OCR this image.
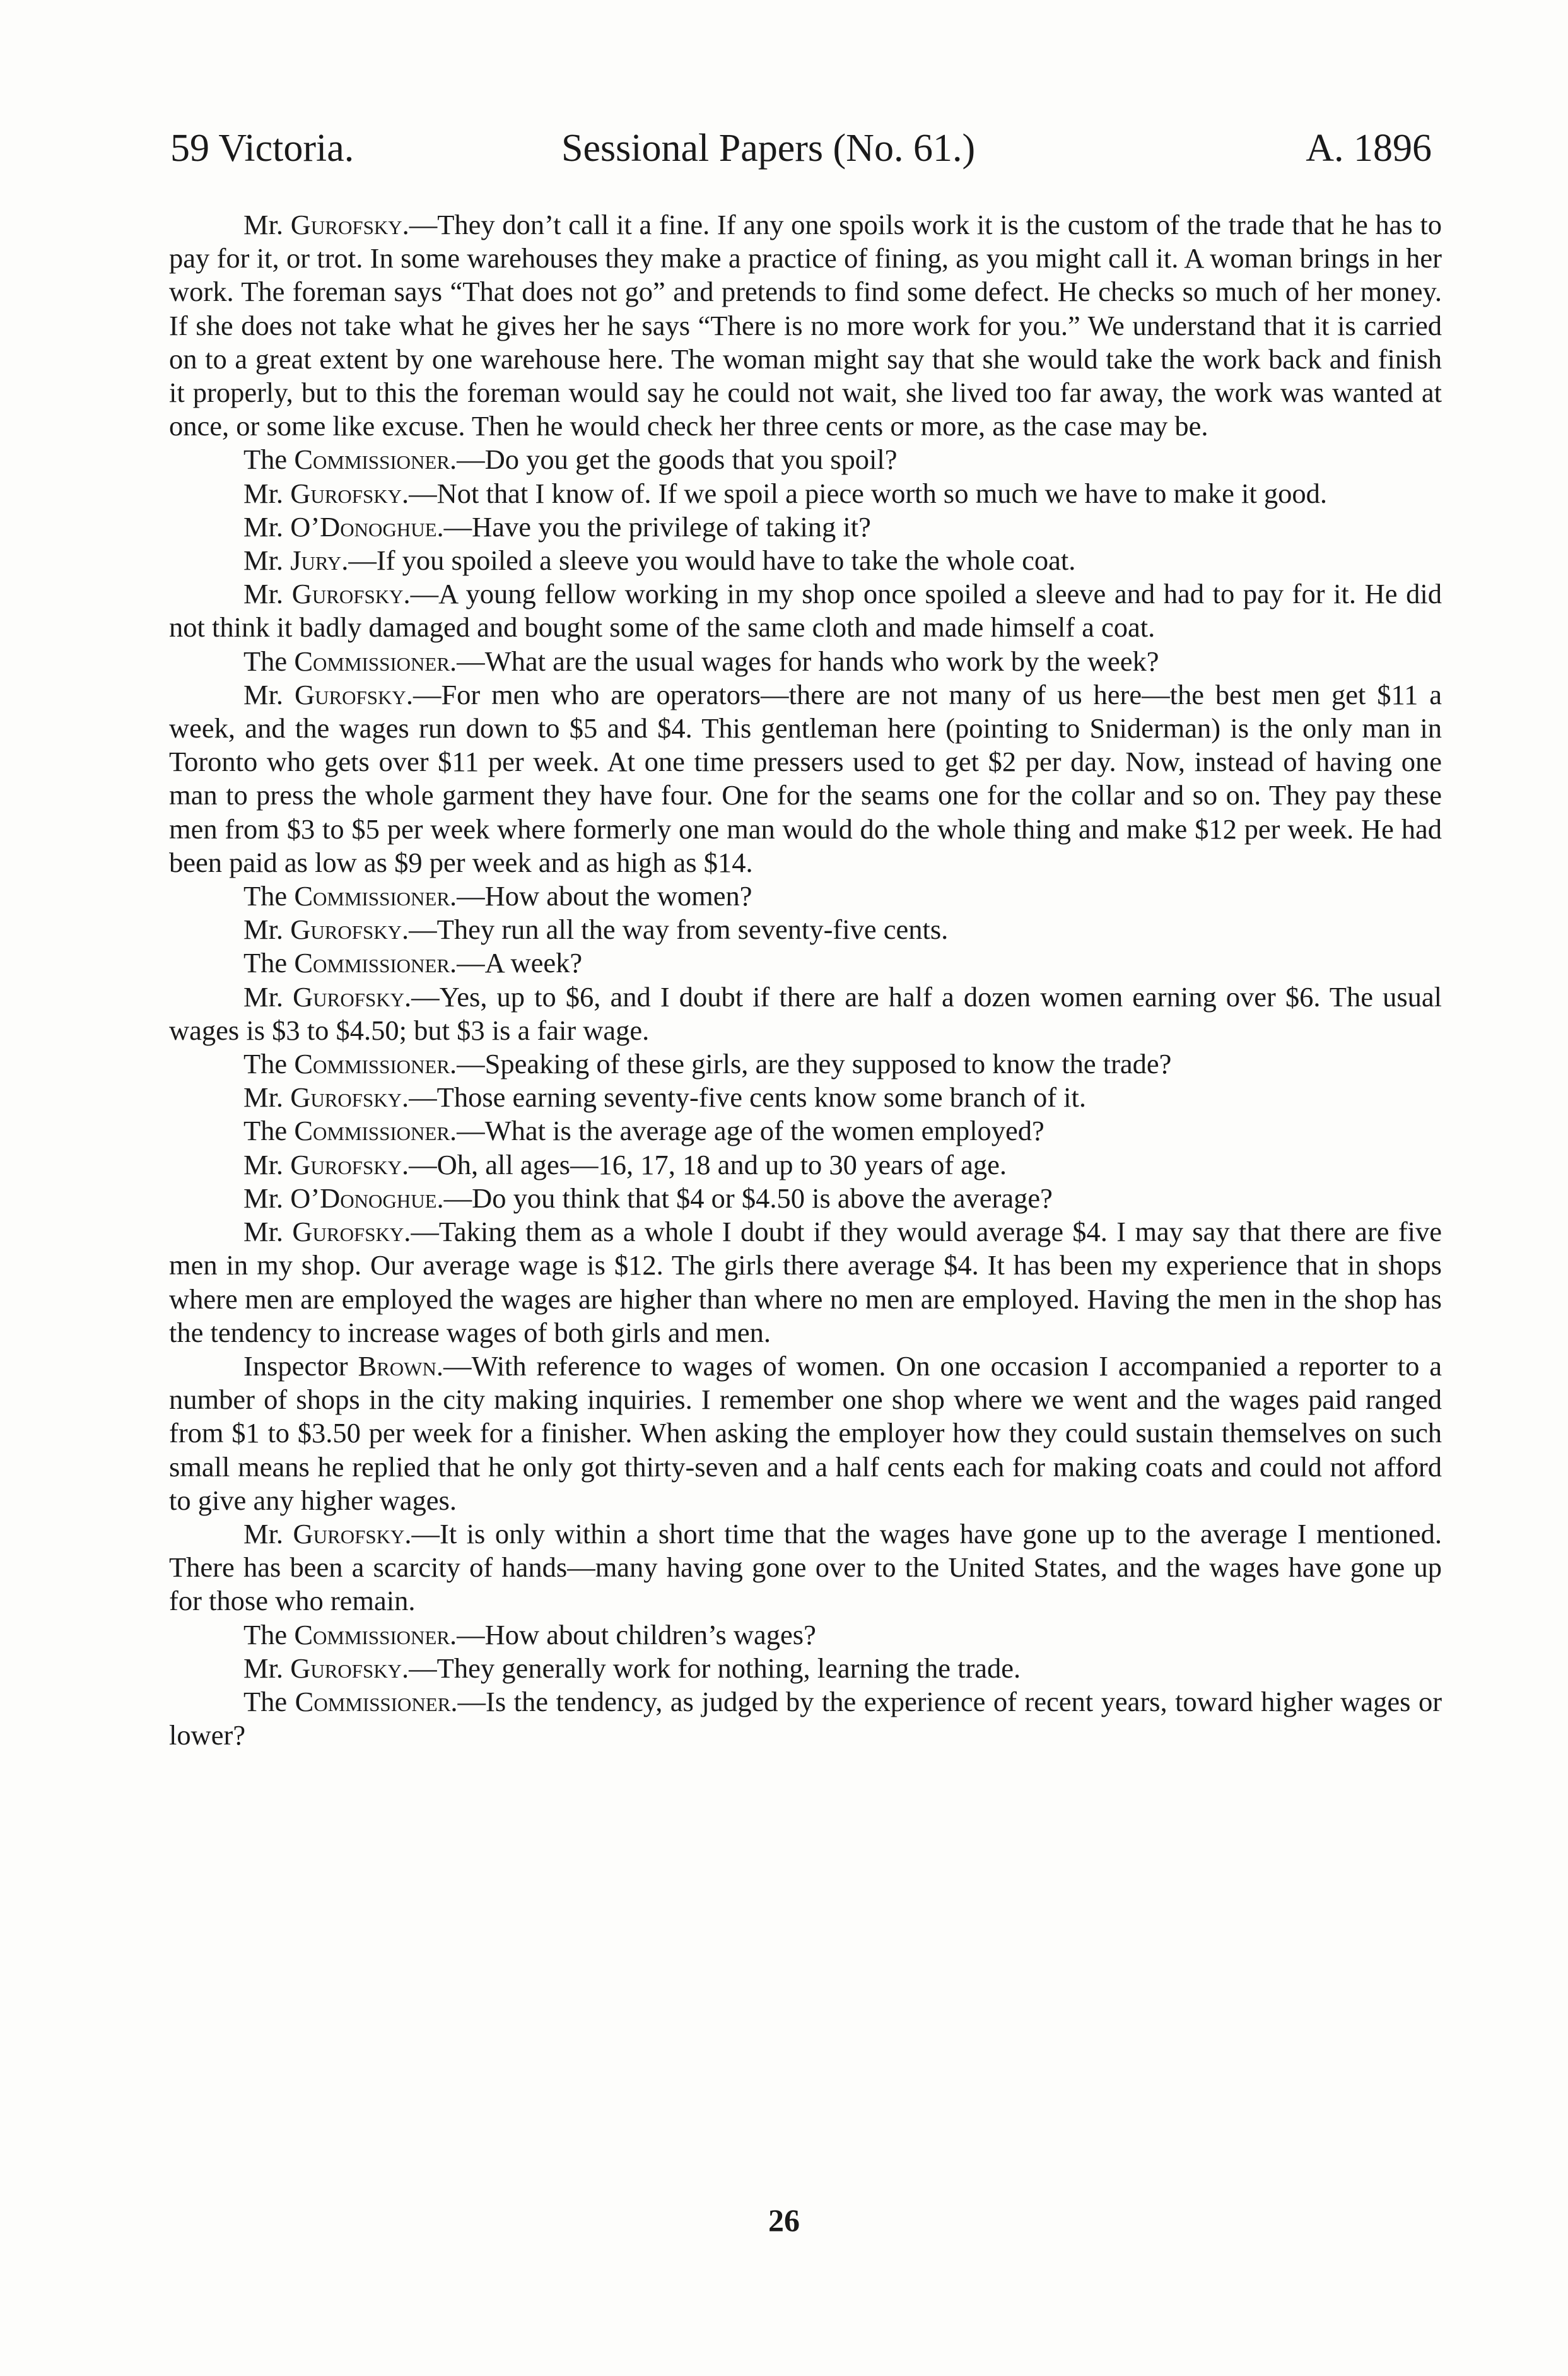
59 Victoria.	Sessional Papers (No. 61.)	A. 1896

Mr. Gurofsky.—They don’t call it a fine. If any one spoils work it is the custom of the trade that he has to pay for it, or trot. In some warehouses they make a practice of fining, as you might call it. A woman brings in her work. The foreman says “That does not go” and pretends to find some defect. He checks so much of her money. If she does not take what he gives her he says “There is no more work for you.” We understand that it is carried on to a great extent by one warehouse here. The woman might say that she would take the work back and finish it properly, but to this the foreman would say he could not wait, she lived too far away, the work was wanted at once, or some like excuse. Then he would check her three cents or more, as the case may be.

The Commissioner.—Do you get the goods that you spoil?

Mr. Gurofsky.—Not that I know of. If we spoil a piece worth so much we have to make it good.

Mr. O’Donoghue.—Have you the privilege of taking it?

Mr. Jury.—If you spoiled a sleeve you would have to take the whole coat.

Mr. Gurofsky.—A young fellow working in my shop once spoiled a sleeve and had to pay for it. He did not think it badly damaged and bought some of the same cloth and made himself a coat.

The Commissioner.—What are the usual wages for hands who work by the week?

Mr. Gurofsky.—For men who are operators—there are not many of us here—the best men get $11 a week, and the wages run down to $5 and $4. This gentleman here (pointing to Sniderman) is the only man in Toronto who gets over $11 per week. At one time pressers used to get $2 per day. Now, instead of having one man to press the whole garment they have four. One for the seams one for the collar and so on. They pay these men from $3 to $5 per week where formerly one man would do the whole thing and make $12 per week. He had been paid as low as $9 per week and as high as $14.

The Commissioner.—How about the women?

Mr. Gurofsky.—They run all the way from seventy-five cents.

The Commissioner.—A week?

Mr. Gurofsky.—Yes, up to $6, and I doubt if there are half a dozen women earning over $6. The usual wages is $3 to $4.50; but $3 is a fair wage.

The Commissioner.—Speaking of these girls, are they supposed to know the trade?

Mr. Gurofsky.—Those earning seventy-five cents know some branch of it.

The Commissioner.—What is the average age of the women employed?

Mr. Gurofsky.—Oh, all ages—16, 17, 18 and up to 30 years of age.

Mr. O’Donoghue.—Do you think that $4 or $4.50 is above the average?

Mr. Gurofsky.—Taking them as a whole I doubt if they would average $4. I may say that there are five men in my shop. Our average wage is $12. The girls there average $4. It has been my experience that in shops where men are employed the wages are higher than where no men are employed. Having the men in the shop has the tendency to increase wages of both girls and men.

Inspector Brown.—With reference to wages of women. On one occasion I accompanied a reporter to a number of shops in the city making inquiries. I remember one shop where we went and the wages paid ranged from $1 to $3.50 per week for a finisher. When asking the employer how they could sustain themselves on such small means he replied that he only got thirty-seven and a half cents each for making coats and could not afford to give any higher wages.

Mr. Gurofsky.—It is only within a short time that the wages have gone up to the average I mentioned. There has been a scarcity of hands—many having gone over to the United States, and the wages have gone up for those who remain.

The Commissioner.—How about children’s wages?

Mr. Gurofsky.—They generally work for nothing, learning the trade.

The Commissioner.—Is the tendency, as judged by the experience of recent years, toward higher wages or lower?

26
